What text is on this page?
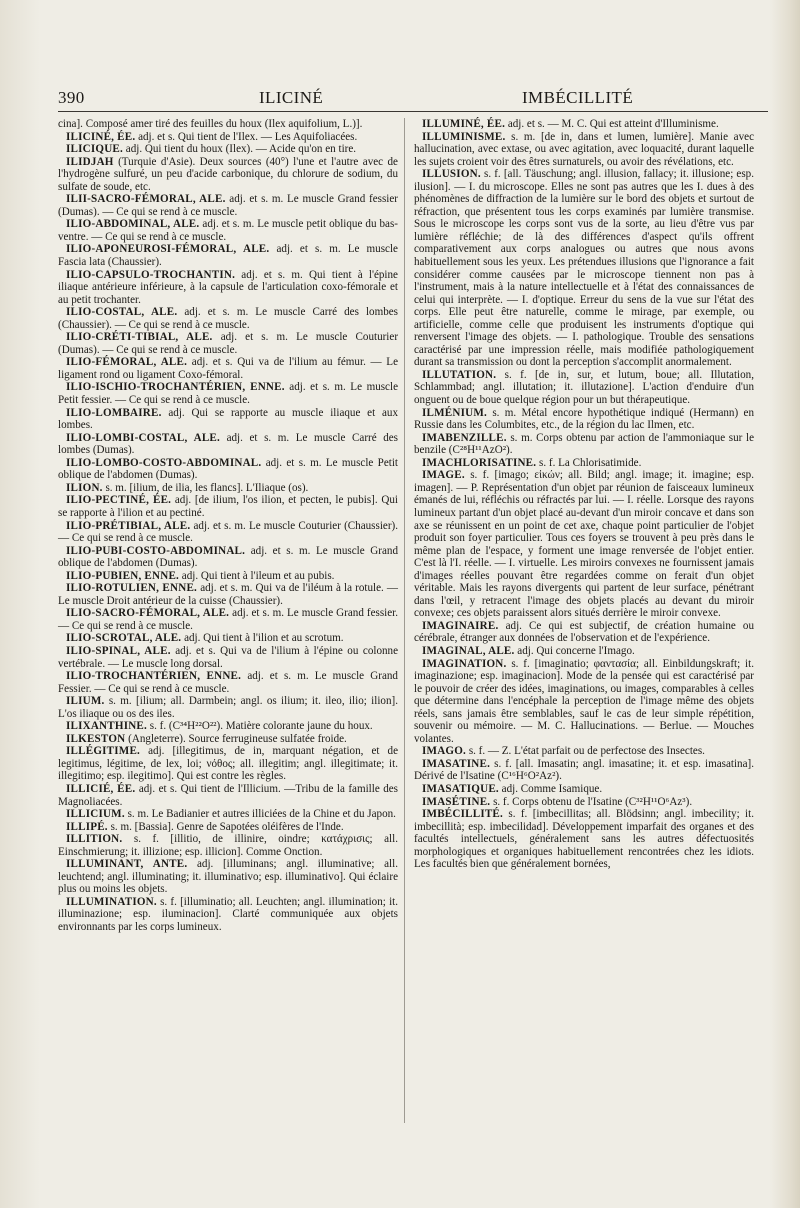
390	ILICINÉ	IMBÉCILLITÉ

cina]. Composé amer tiré des feuilles du houx (Ilex aquifolium, L.)].

ILICINÉ, ÉE. adj. et s. Qui tient de l'Ilex. — Les Aquifoliacées.

ILICIQUE. adj. Qui tient du houx (Ilex). — Acide qu'on en tire.

ILIDJAH (Turquie d'Asie). Deux sources (40°) l'une et l'autre avec de l'hydrogène sulfuré, un peu d'acide carbonique, du chlorure de sodium, du sulfate de soude, etc.

ILII-SACRO-FÉMORAL, ALE. adj. et s. m. Le muscle Grand fessier (Dumas). — Ce qui se rend à ce muscle.

ILIO-ABDOMINAL, ALE. adj. et s. m. Le muscle petit oblique du bas-ventre. — Ce qui se rend à ce muscle.

ILIO-APONEUROSI-FÉMORAL, ALE. adj. et s. m. Le muscle Fascia lata (Chaussier).

ILIO-CAPSULO-TROCHANTIN. adj. et s. m. Qui tient à l'épine iliaque antérieure inférieure, à la capsule de l'articulation coxo-fémorale et au petit trochanter.

ILIO-COSTAL, ALE. adj. et s. m. Le muscle Carré des lombes (Chaussier). — Ce qui se rend à ce muscle.

ILIO-CRÉTI-TIBIAL, ALE. adj. et s. m. Le muscle Couturier (Dumas). — Ce qui se rend à ce muscle.

ILIO-FÉMORAL, ALE. adj. et s. Qui va de l'ilium au fémur. — Le ligament rond ou ligament Coxo-fémoral.

ILIO-ISCHIO-TROCHANTÉRIEN, ENNE. adj. et s. m. Le muscle Petit fessier. — Ce qui se rend à ce muscle.

ILIO-LOMBAIRE. adj. Qui se rapporte au muscle iliaque et aux lombes.

ILIO-LOMBI-COSTAL, ALE. adj. et s. m. Le muscle Carré des lombes (Dumas).

ILIO-LOMBO-COSTO-ABDOMINAL. adj. et s. m. Le muscle Petit oblique de l'abdomen (Dumas).

ILION. s. m. [ilium, de ilia, les flancs]. L'Iliaque (os).

ILIO-PECTINÉ, ÉE. adj. [de ilium, l'os ilion, et pecten, le pubis]. Qui se rapporte à l'ilion et au pectiné.

ILIO-PRÉTIBIAL, ALE. adj. et s. m. Le muscle Couturier (Chaussier). — Ce qui se rend à ce muscle.

ILIO-PUBI-COSTO-ABDOMINAL. adj. et s. m. Le muscle Grand oblique de l'abdomen (Dumas).

ILIO-PUBIEN, ENNE. adj. Qui tient à l'ileum et au pubis.

ILIO-ROTULIEN, ENNE. adj. et s. m. Qui va de l'iléum à la rotule. — Le muscle Droit antérieur de la cuisse (Chaussier).

ILIO-SACRO-FÉMORAL, ALE. adj. et s. m. Le muscle Grand fessier. — Ce qui se rend à ce muscle.

ILIO-SCROTAL, ALE. adj. Qui tient à l'ilion et au scrotum.

ILIO-SPINAL, ALE. adj. et s. Qui va de l'ilium à l'épine ou colonne vertébrale. — Le muscle long dorsal.

ILIO-TROCHANTÉRIEN, ENNE. adj. et s. m. Le muscle Grand Fessier. — Ce qui se rend à ce muscle.

ILIUM. s. m. [ilium; all. Darmbein; angl. os ilium; it. ileo, ilio; ilion]. L'os iliaque ou os des iles.

ILIXANTHINE. s. f. (C³⁴H²²O²²). Matière colorante jaune du houx.

ILKESTON (Angleterre). Source ferrugineuse sulfatée froide.

ILLÉGITIME. adj. [illegitimus, de in, marquant négation, et de legitimus, légitime, de lex, loi; νόθος; all. illegitim; angl. illegitimate; it. illegitimo; esp. ilegitimo]. Qui est contre les règles.

ILLICIÉ, ÉE. adj. et s. Qui tient de l'Illicium. —Tribu de la famille des Magnoliacées.

ILLICIUM. s. m. Le Badianier et autres illiciées de la Chine et du Japon.

ILLIPÉ. s. m. [Bassia]. Genre de Sapotées oléifères de l'Inde.

ILLITION. s. f. [illitio, de illinire, oindre; κατάχρισις; all. Einschmierung; it. illizione; esp. illicion]. Comme Onction.

ILLUMINANT, ANTE. adj. [illuminans; angl. illuminative; all. leuchtend; angl. illuminating; it. illuminativo; esp. illuminativo]. Qui éclaire plus ou moins les objets.

ILLUMINATION. s. f. [illuminatio; all. Leuchten; angl. illumination; it. illuminazione; esp. iluminacion]. Clarté communiquée aux objets environnants par les corps lumineux.

ILLUMINÉ, ÉE. adj. et s. — M. C. Qui est atteint d'Illuminisme.

ILLUMINISME. s. m. [de in, dans et lumen, lumière]. Manie avec hallucination, avec extase, ou avec agitation, avec loquacité, durant laquelle les sujets croient voir des êtres surnaturels, ou avoir des révélations, etc.

ILLUSION. s. f. [all. Täuschung; angl. illusion, fallacy; it. illusione; esp. ilusion]. — I. du microscope. Elles ne sont pas autres que les I. dues à des phénomènes de diffraction de la lumière sur le bord des objets et surtout de réfraction, que présentent tous les corps examinés par lumière transmise. Sous le microscope les corps sont vus de la sorte, au lieu d'être vus par lumière réfléchie; de là des différences d'aspect qu'ils offrent comparativement aux corps analogues ou autres que nous avons habituellement sous les yeux. Les prétendues illusions que l'ignorance a fait considérer comme causées par le microscope tiennent non pas à l'instrument, mais à la nature intellectuelle et à l'état des connaissances de celui qui interprète. — I. d'optique. Erreur du sens de la vue sur l'état des corps. Elle peut être naturelle, comme le mirage, par exemple, ou artificielle, comme celle que produisent les instruments d'optique qui renversent l'image des objets. — I. pathologique. Trouble des sensations caractérisé par une impression réelle, mais modifiée pathologiquement durant sa transmission ou dont la perception s'accomplit anormalement.

ILLUTATION. s. f. [de in, sur, et lutum, boue; all. Illutation, Schlammbad; angl. illutation; it. illutazione]. L'action d'enduire d'un onguent ou de boue quelque région pour un but thérapeutique.

ILMÉNIUM. s. m. Métal encore hypothétique indiqué (Hermann) en Russie dans les Columbites, etc., de la région du lac Ilmen, etc.

IMABENZILLE. s. m. Corps obtenu par action de l'ammoniaque sur le benzile (C²⁸H¹¹AzO²).

IMACHLORISATINE. s. f. La Chlorisatimide.

IMAGE. s. f. [imago; εἰκών; all. Bild; angl. image; it. imagine; esp. imagen]. — P. Représentation d'un objet par réunion de faisceaux lumineux émanés de lui, réfléchis ou réfractés par lui. — I. réelle. Lorsque des rayons lumineux partant d'un objet placé au-devant d'un miroir concave et dans son axe se réunissent en un point de cet axe, chaque point particulier de l'objet produit son foyer particulier. Tous ces foyers se trouvent à peu près dans le même plan de l'espace, y forment une image renversée de l'objet entier. C'est là l'I. réelle. — I. virtuelle. Les miroirs convexes ne fournissent jamais d'images réelles pouvant être regardées comme on ferait d'un objet véritable. Mais les rayons divergents qui partent de leur surface, pénétrant dans l'œil, y retracent l'image des objets placés au devant du miroir convexe; ces objets paraissent alors situés derrière le miroir convexe.

IMAGINAIRE. adj. Ce qui est subjectif, de création humaine ou cérébrale, étranger aux données de l'observation et de l'expérience.

IMAGINAL, ALE. adj. Qui concerne l'Imago.

IMAGINATION. s. f. [imaginatio; φαντασία; all. Einbildungskraft; it. imaginazione; esp. imaginacion]. Mode de la pensée qui est caractérisé par le pouvoir de créer des idées, imaginations, ou images, comparables à celles que détermine dans l'encéphale la perception de l'image même des objets réels, sans jamais être semblables, sauf le cas de leur simple répétition, souvenir ou mémoire. — M. C. Hallucinations. — Berlue. — Mouches volantes.

IMAGO. s. f. — Z. L'état parfait ou de perfectose des Insectes.

IMASATINE. s. f. [all. Imasatin; angl. imasatine; it. et esp. imasatina]. Dérivé de l'Isatine (C¹⁶H⁶O²Az²).

IMASATIQUE. adj. Comme Isamique.

IMASÉTINE. s. f. Corps obtenu de l'Isatine (C³²H¹¹O⁶Az³).

IMBÉCILLITÉ. s. f. [imbecillitas; all. Blödsinn; angl. imbecility; it. imbecillità; esp. imbecilidad]. Développement imparfait des organes et des facultés intellectuels, généralement sans les autres défectuosités morphologiques et organiques habituellement rencontrées chez les idiots. Les facultés bien que généralement bornées,
